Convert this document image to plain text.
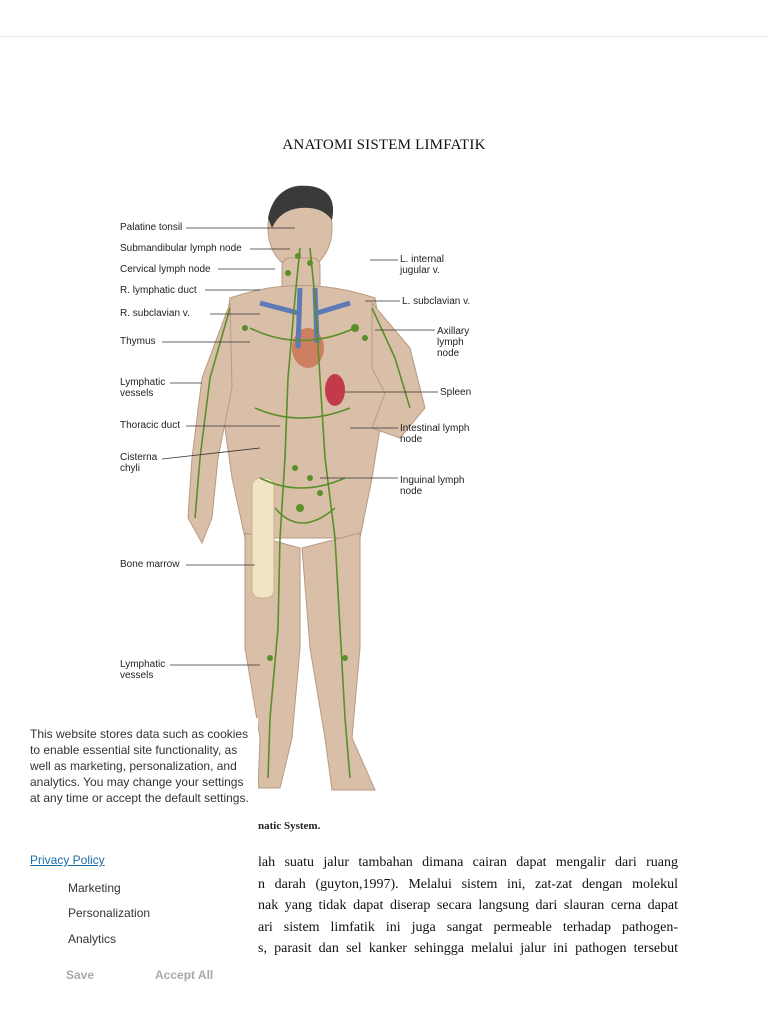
ANATOMI SISTEM LIMFATIK
Palatine tonsil
Submandibular lymph node
Cervical lymph node
R. lymphatic duct
R. subclavian v.
Thymus
Lymphatic
vessels
Thoracic duct
Cisterna
chyli
Bone marrow
Lymphatic
vessels
L. internal
jugular v.
L. subclavian v.
Axillary
lymph
node
Spleen
Intestinal lymph
node
Inguinal lymph
node
natic System.
lah suatu jalur tambahan dimana cairan dapat mengalir dari ruang
n darah (guyton,1997). Melalui sistem ini, zat-zat dengan molekul
nak yang tidak dapat diserap secara langsung dari slauran cerna dapat
ari sistem limfatik ini juga sangat permeable terhadap pathogen-
s, parasit dan sel kanker sehingga melalui jalur ini pathogen tersebut
This website stores data such as cookies to enable essential site functionality, as well as marketing, personalization, and analytics. You may change your settings at any time or accept the default settings.
Privacy Policy
Marketing
Personalization
Analytics
Save	Accept All
